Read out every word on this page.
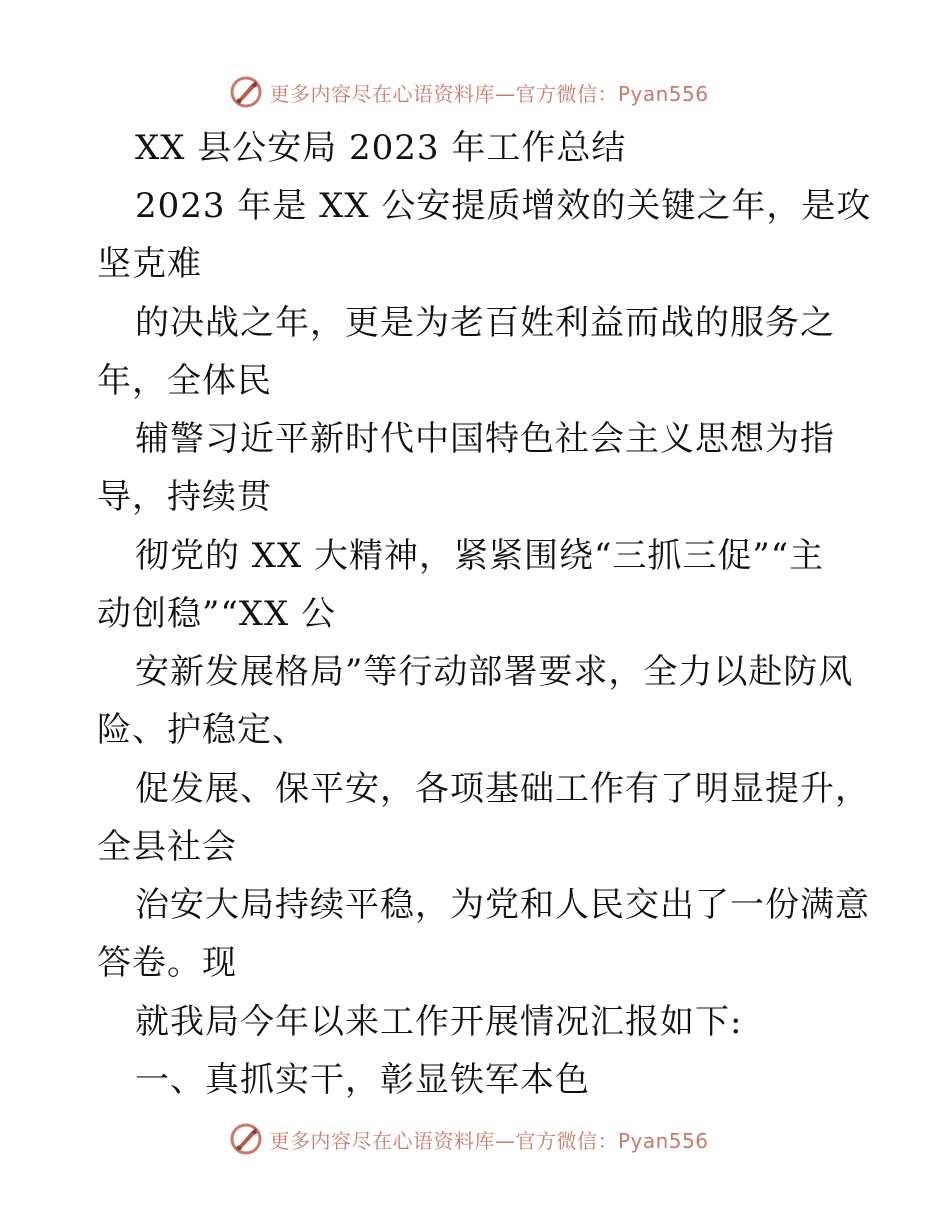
更多内容尽在心语资料库—官方微信：Pyan556
XX 县公安局 2023 年工作总结
2023 年是 XX 公安提质增效的关键之年，是攻
坚克难
的决战之年，更是为老百姓利益而战的服务之
年，全体民
辅警习近平新时代中国特色社会主义思想为指
导，持续贯
彻党的 XX 大精神，紧紧围绕“三抓三促”“主
动创稳”“XX 公
安新发展格局”等行动部署要求，全力以赴防风
险、护稳定、
促发展、保平安，各项基础工作有了明显提升，
全县社会
治安大局持续平稳，为党和人民交出了一份满意
答卷。现
就我局今年以来工作开展情况汇报如下:
一、真抓实干，彰显铁军本色
更多内容尽在心语资料库—官方微信：Pyan556
